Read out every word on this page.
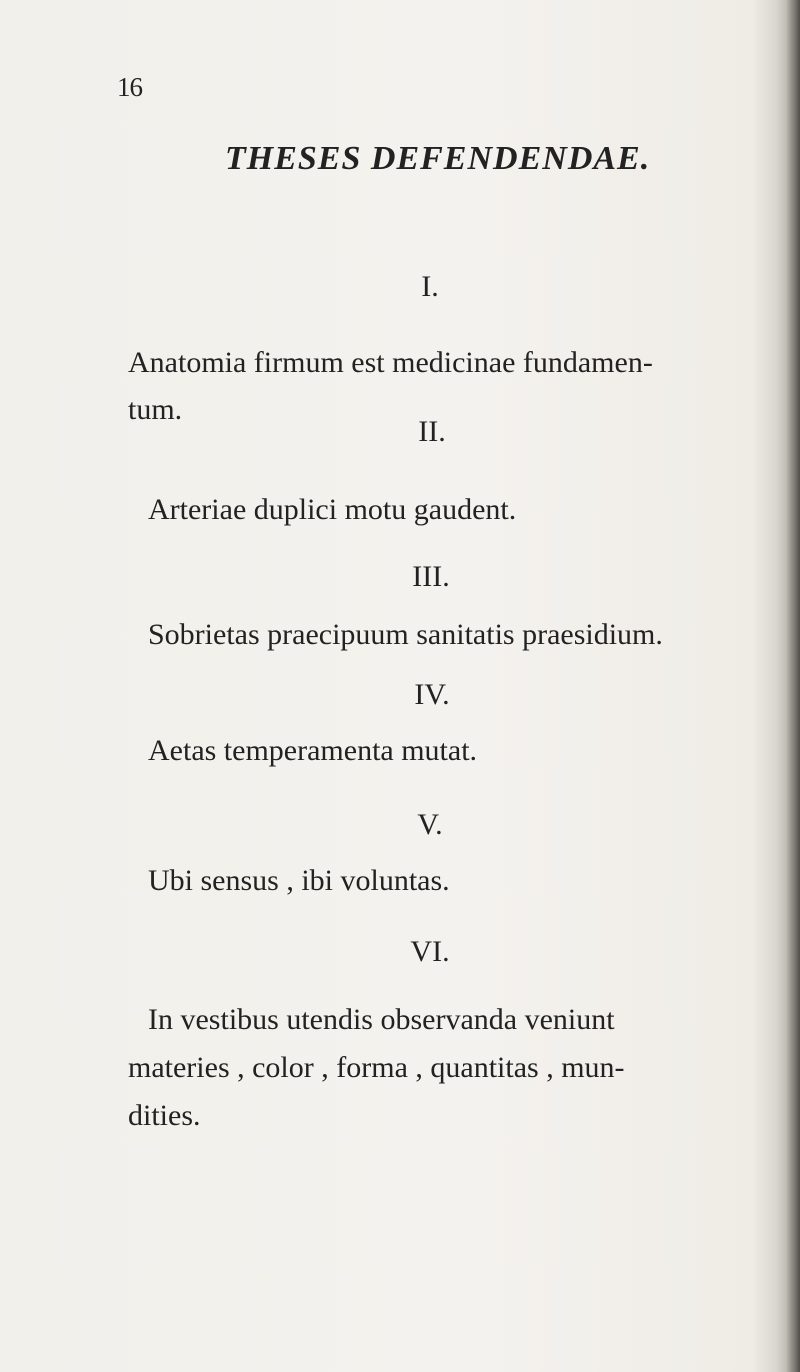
16
THESES DEFENDENDAE.
I.
Anatomia firmum est medicinae fundamen-
tum.
II.
Arteriae duplici motu gaudent.
III.
Sobrietas praecipuum sanitatis praesidium.
IV.
Aetas temperamenta mutat.
V.
Ubi sensus , ibi voluntas.
VI.
In vestibus utendis observanda veniunt
materies , color , forma , quantitas , mun-
dities.
